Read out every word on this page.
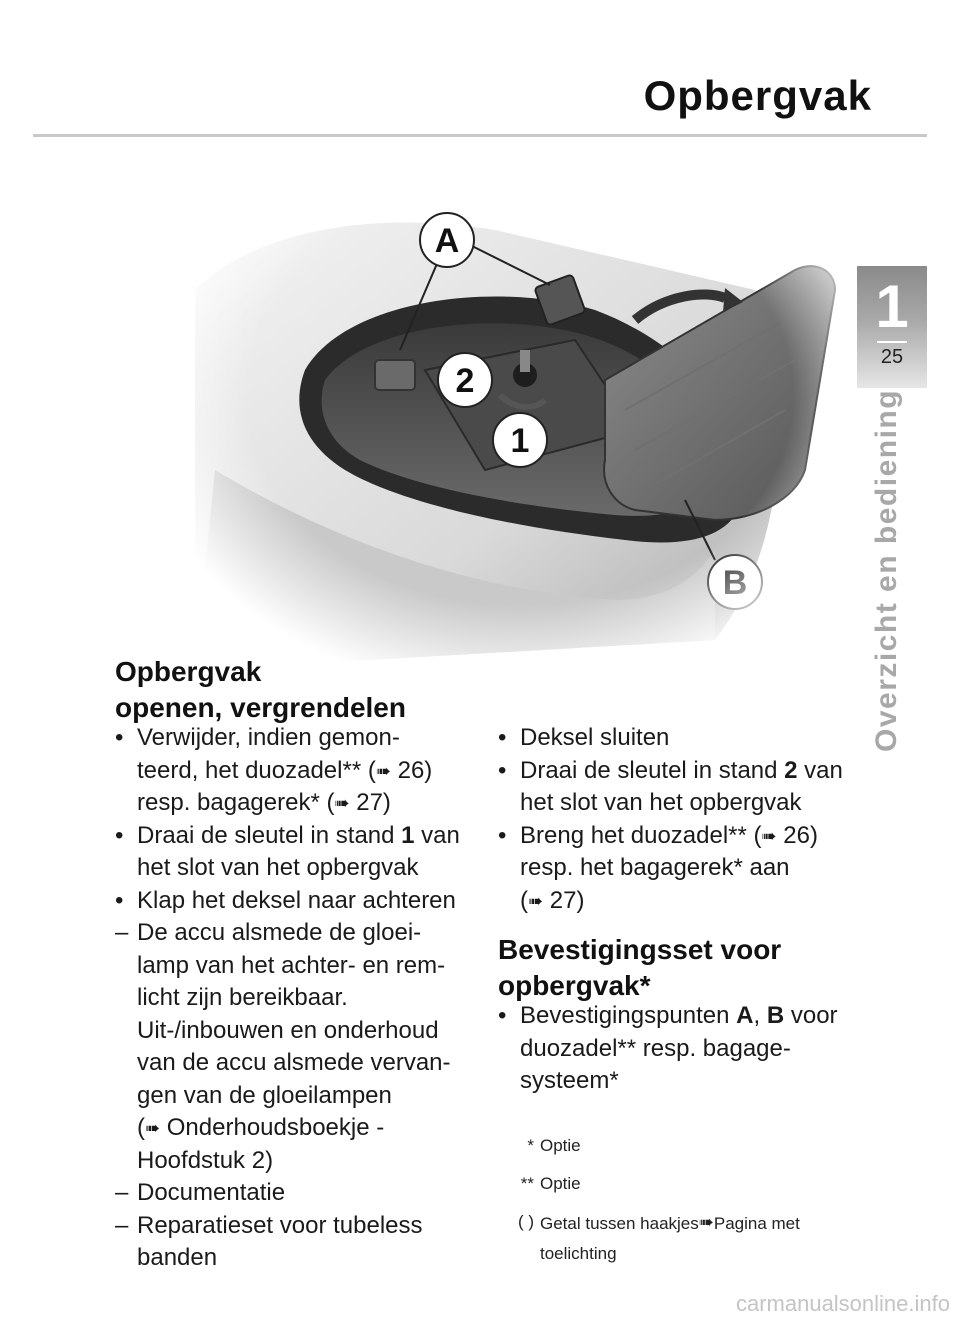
Opbergvak
1
25
Overzicht en bediening
Opbergvak
openen, vergrendelen
• Verwijder, indien gemon-
teerd, het duozadel** (➠ 26)
resp. bagagerek* (➠ 27)
• Draai de sleutel in stand 1 van
het slot van het opbergvak
• Klap het deksel naar achteren
– De accu alsmede de gloei-
lamp van het achter- en rem-
licht zijn bereikbaar.
Uit-/inbouwen en onderhoud
van de accu alsmede vervan-
gen van de gloeilampen
(➠ Onderhoudsboekje -
Hoofdstuk 2)
– Documentatie
– Reparatieset voor tubeless
banden
• Deksel sluiten
• Draai de sleutel in stand 2 van
het slot van het opbergvak
• Breng het duozadel** (➠ 26)
resp. het bagagerek* aan
(➠ 27)
Bevestigingsset voor
opbergvak*
• Bevestigingspunten A, B voor
duozadel** resp. bagage-
systeem*
* Optie
** Optie
( ) Getal tussen haakjes➠Pagina met
toelichting
carmanualsonline.info
